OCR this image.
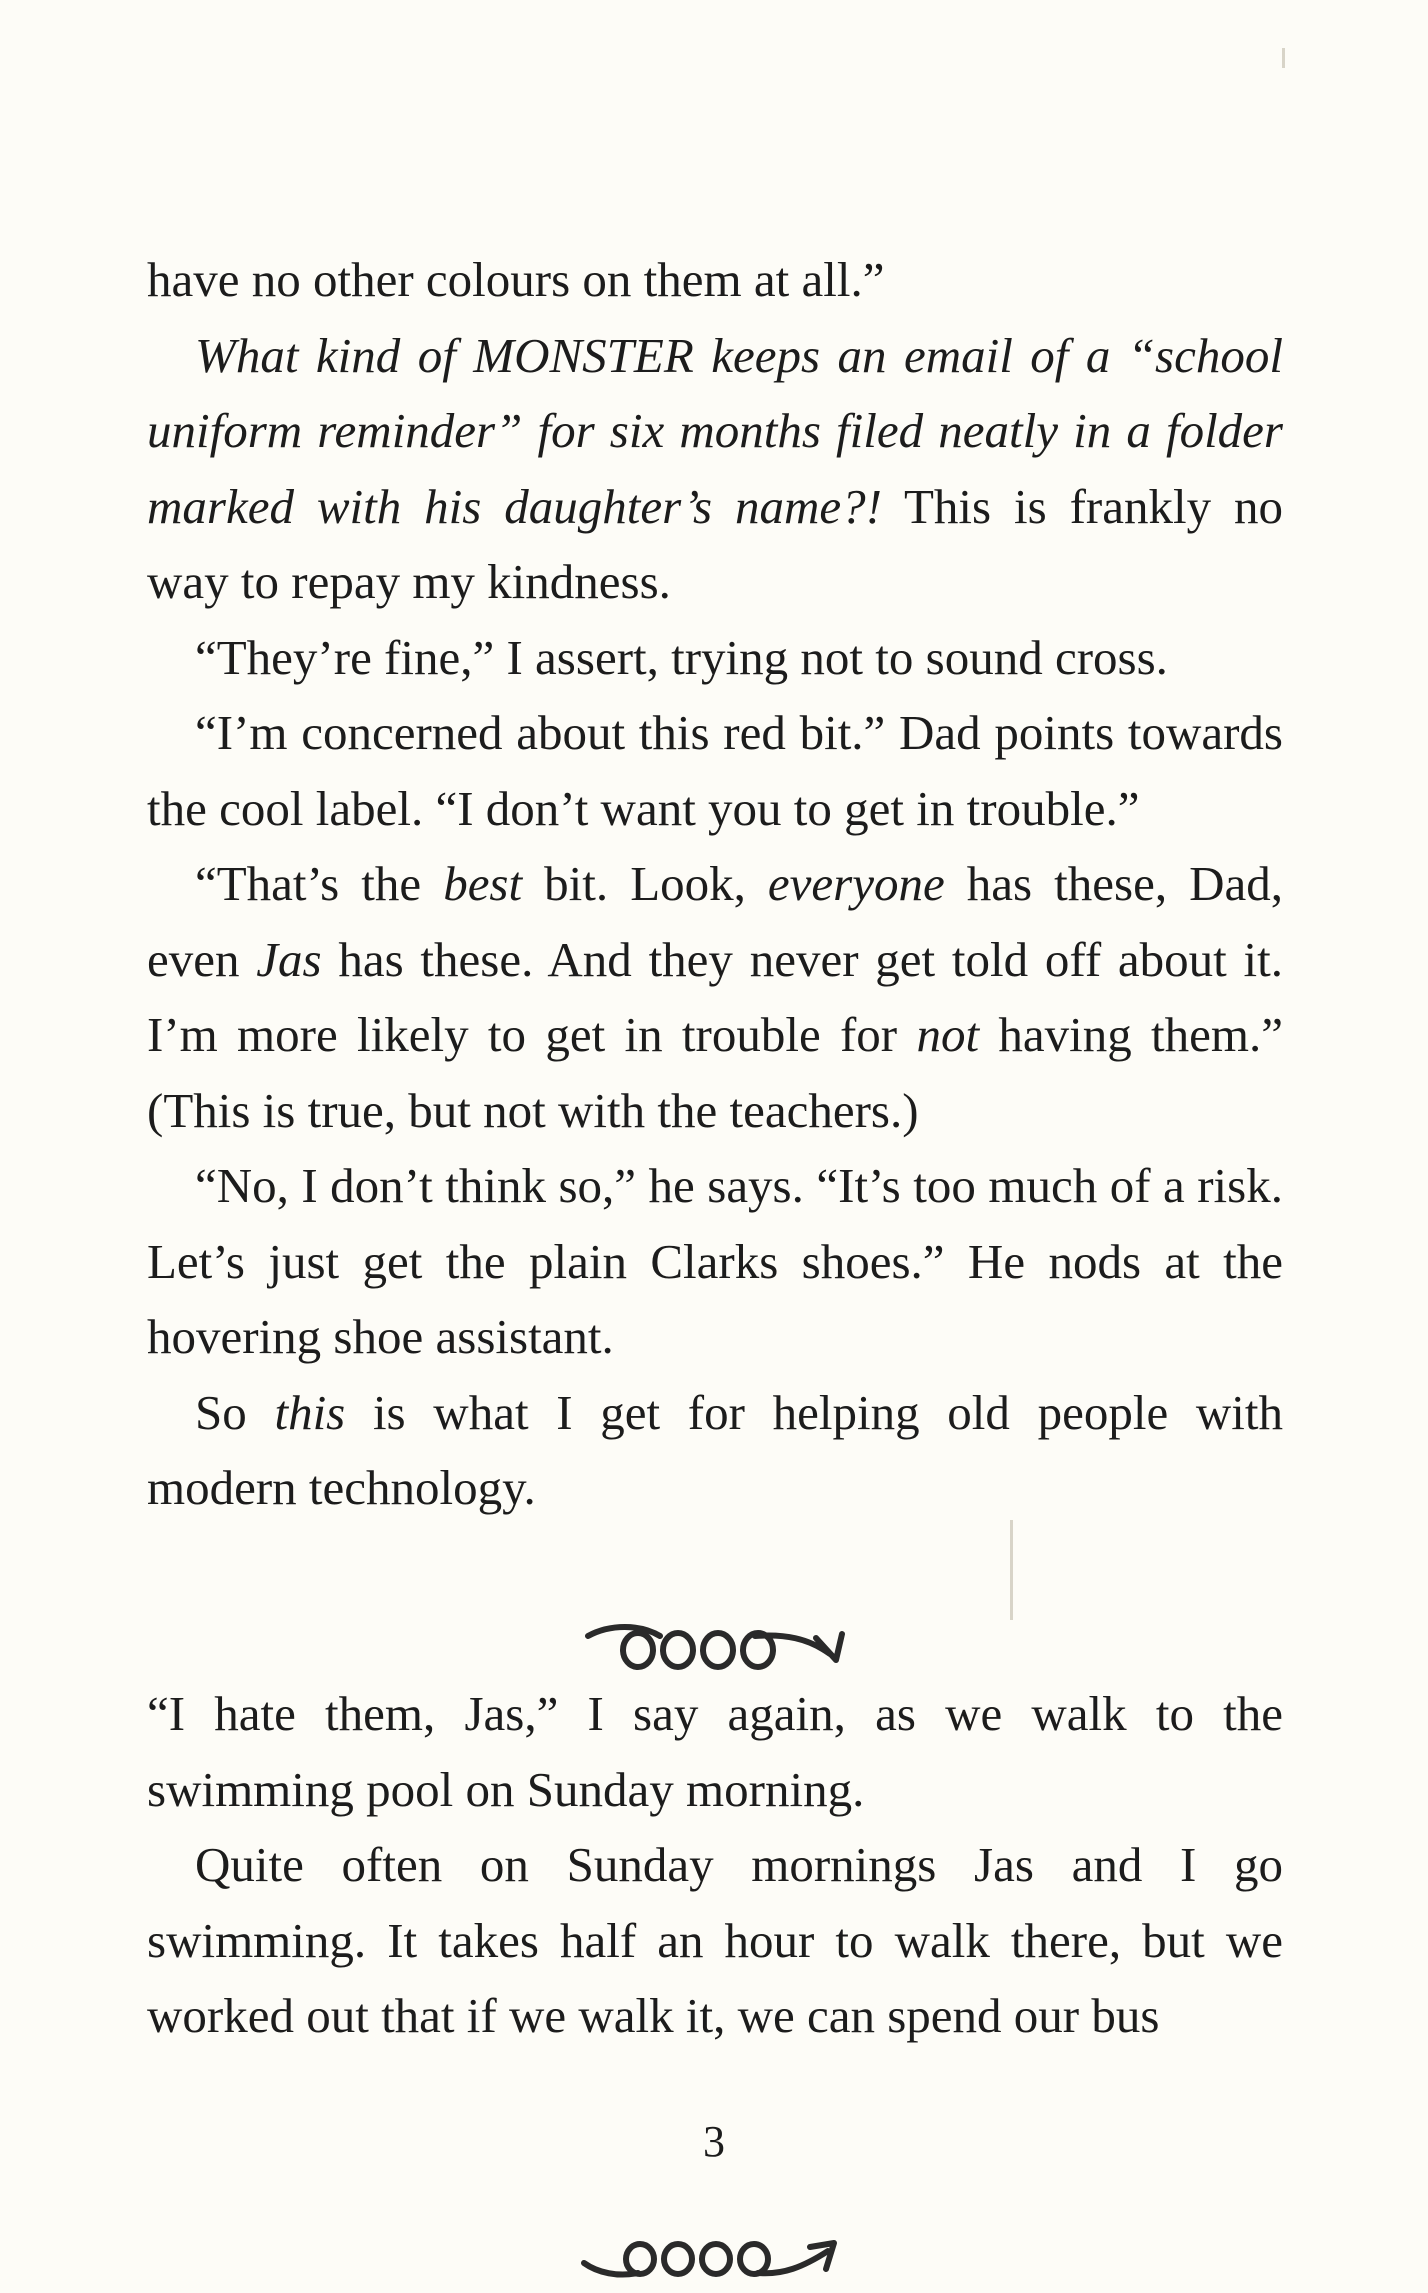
have no other colours on them at all.”

What kind of MONSTER keeps an email of a “school uniform reminder” for six months filed neatly in a folder marked with his daughter’s name?! This is frankly no way to repay my kindness.

“They’re fine,” I assert, trying not to sound cross.

“I’m concerned about this red bit.” Dad points towards the cool label. “I don’t want you to get in trouble.”

“That’s the best bit. Look, everyone has these, Dad, even Jas has these. And they never get told off about it. I’m more likely to get in trouble for not having them.” (This is true, but not with the teachers.)

“No, I don’t think so,” he says. “It’s too much of a risk. Let’s just get the plain Clarks shoes.” He nods at the hovering shoe assistant.

So this is what I get for helping old people with modern technology.

“I hate them, Jas,” I say again, as we walk to the swimming pool on Sunday morning.

Quite often on Sunday mornings Jas and I go swimming. It takes half an hour to walk there, but we worked out that if we walk it, we can spend our bus

3
